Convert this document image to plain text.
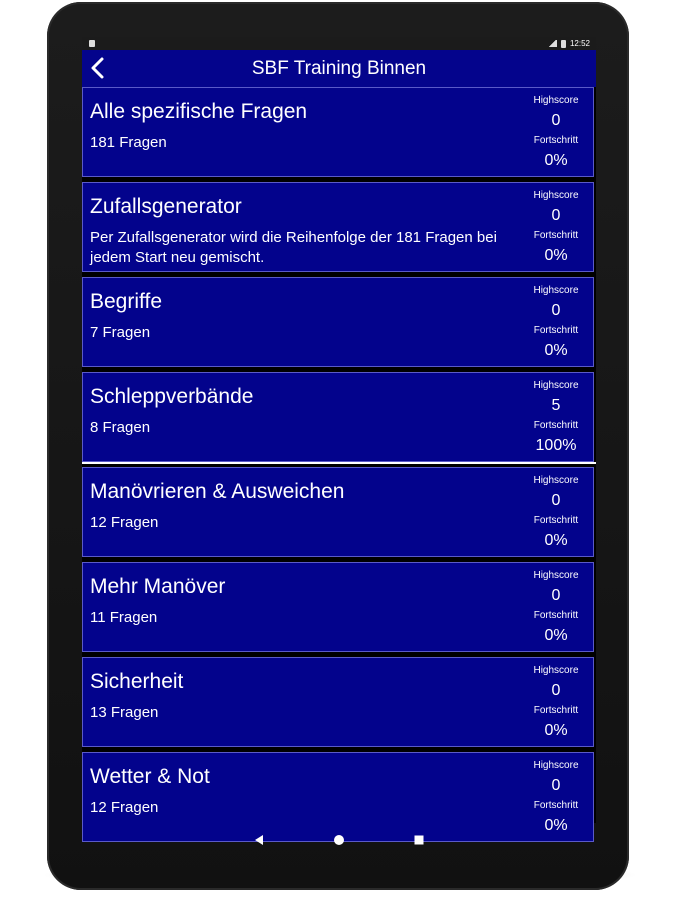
12:52
SBF Training Binnen
Alle spezifische Fragen
181 Fragen
Highscore
0
Fortschritt
0%
Zufallsgenerator
Per Zufallsgenerator wird die Reihenfolge der 181 Fragen bei jedem Start neu gemischt.
Highscore
0
Fortschritt
0%
Begriffe
7 Fragen
Highscore
0
Fortschritt
0%
Schleppverbände
8 Fragen
Highscore
5
Fortschritt
100%
Manövrieren & Ausweichen
12 Fragen
Highscore
0
Fortschritt
0%
Mehr Manöver
11 Fragen
Highscore
0
Fortschritt
0%
Sicherheit
13 Fragen
Highscore
0
Fortschritt
0%
Wetter & Not
12 Fragen
Highscore
0
Fortschritt
0%
